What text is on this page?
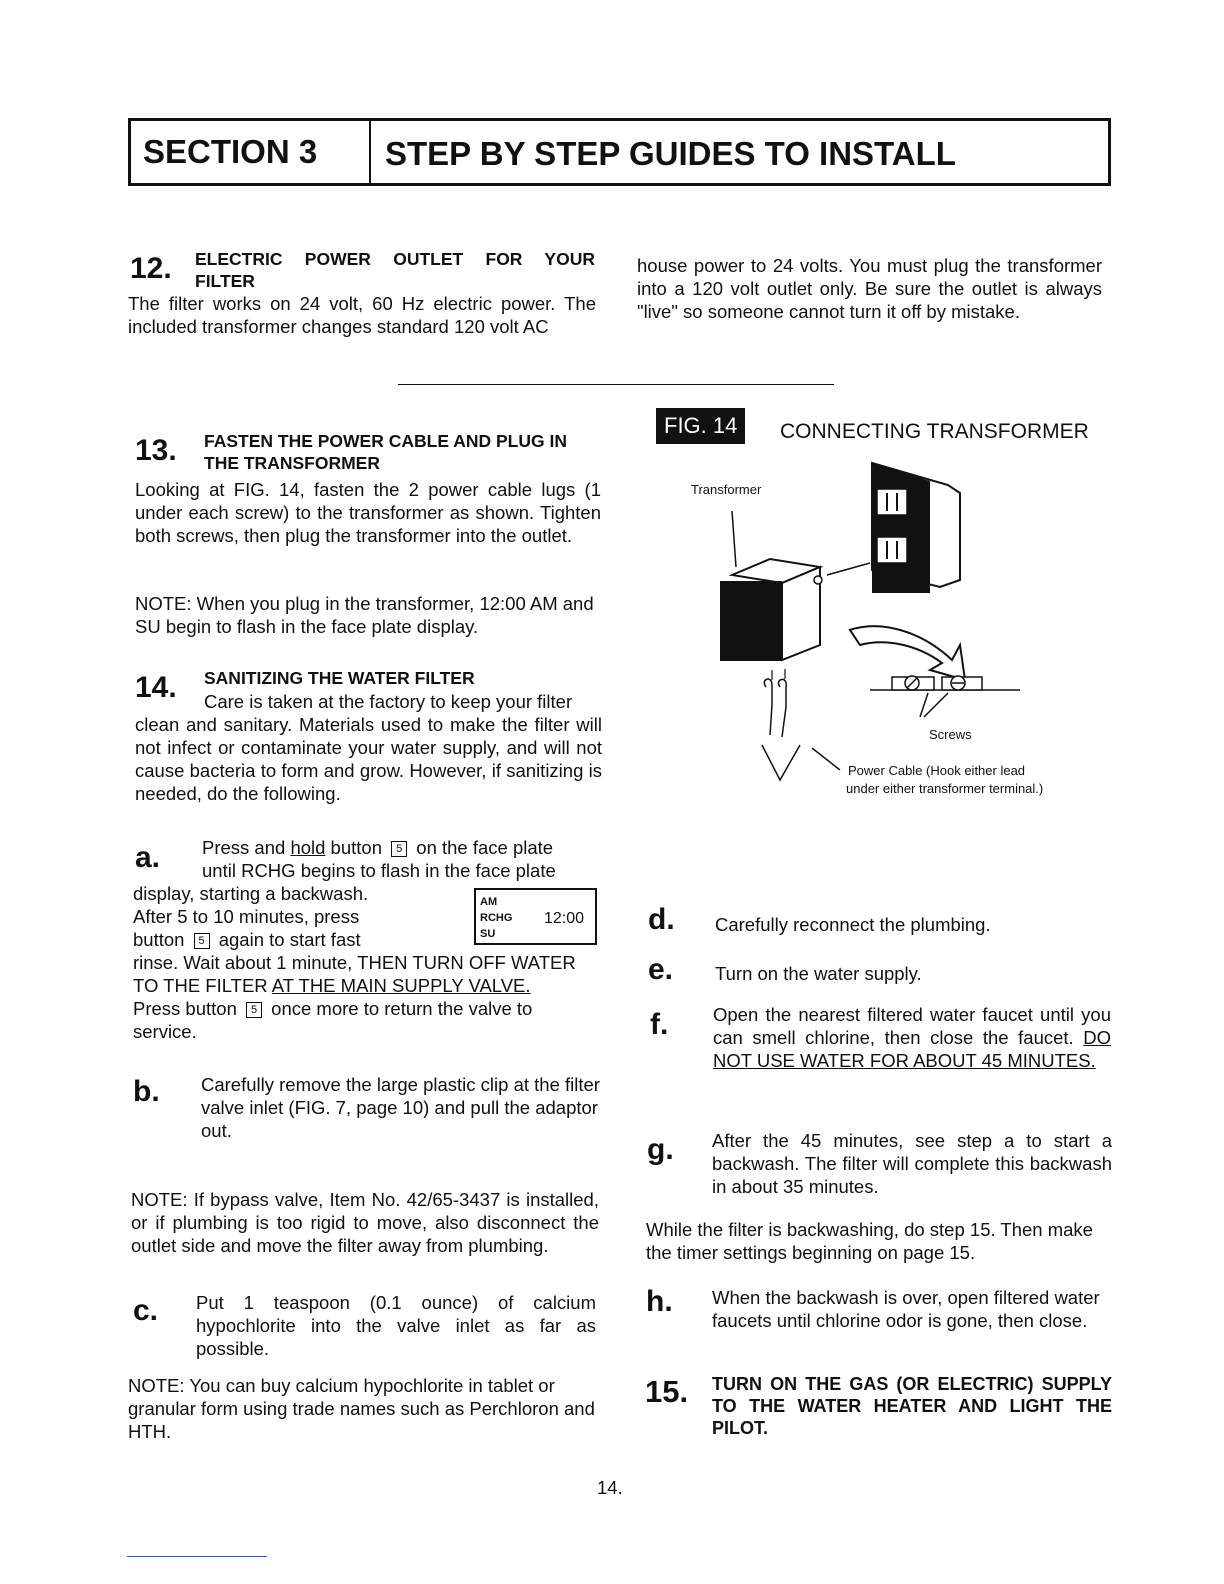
SECTION 3	STEP BY STEP GUIDES TO INSTALL
12. ELECTRIC POWER OUTLET FOR YOUR
FILTER
The filter works on 24 volt, 60 Hz electric power. The included transformer changes standard 120 volt AC
house power to 24 volts. You must plug the transformer into a 120 volt outlet only. Be sure the outlet is always "live" so someone cannot turn it off by mistake.
13. FASTEN THE POWER CABLE AND PLUG IN
THE TRANSFORMER
Looking at FIG. 14, fasten the 2 power cable lugs (1 under each screw) to the transformer as shown. Tighten both screws, then plug the transformer into the outlet.
NOTE: When you plug in the transformer, 12:00 AM and SU begin to flash in the face plate display.
14. SANITIZING THE WATER FILTER
Care is taken at the factory to keep your filter
clean and sanitary. Materials used to make the filter will not infect or contaminate your water supply, and will not cause bacteria to form and grow. However, if sanitizing is needed, do the following.
FIG. 14	CONNECTING TRANSFORMER
Transformer
Screws
Power Cable (Hook either lead
under either transformer terminal.)
a. Press and hold button 5 on the face plate
until RCHG begins to flash in the face plate
display, starting a backwash.
After 5 to 10 minutes, press
button 5 again to start fast
AM
RCHG 12:00
SU
rinse. Wait about 1 minute, THEN TURN OFF WATER
TO THE FILTER AT THE MAIN SUPPLY VALVE.
Press button 5 once more to return the valve to
service.
b. Carefully remove the large plastic clip at the filter valve inlet (FIG. 7, page 10) and pull the adaptor out.
NOTE: If bypass valve, Item No. 42/65-3437 is installed, or if plumbing is too rigid to move, also disconnect the outlet side and move the filter away from plumbing.
c. Put 1 teaspoon (0.1 ounce) of calcium hypochlorite into the valve inlet as far as possible.
NOTE: You can buy calcium hypochlorite in tablet or granular form using trade names such as Perchloron and HTH.
d. Carefully reconnect the plumbing.
e. Turn on the water supply.
f. Open the nearest filtered water faucet until you can smell chlorine, then close the faucet. DO NOT USE WATER FOR ABOUT 45 MINUTES.
g. After the 45 minutes, see step a to start a backwash. The filter will complete this backwash in about 35 minutes.
While the filter is backwashing, do step 15. Then make the timer settings beginning on page 15.
h. When the backwash is over, open filtered water faucets until chlorine odor is gone, then close.
15. TURN ON THE GAS (OR ELECTRIC) SUPPLY TO THE WATER HEATER AND LIGHT THE PILOT.
14.
